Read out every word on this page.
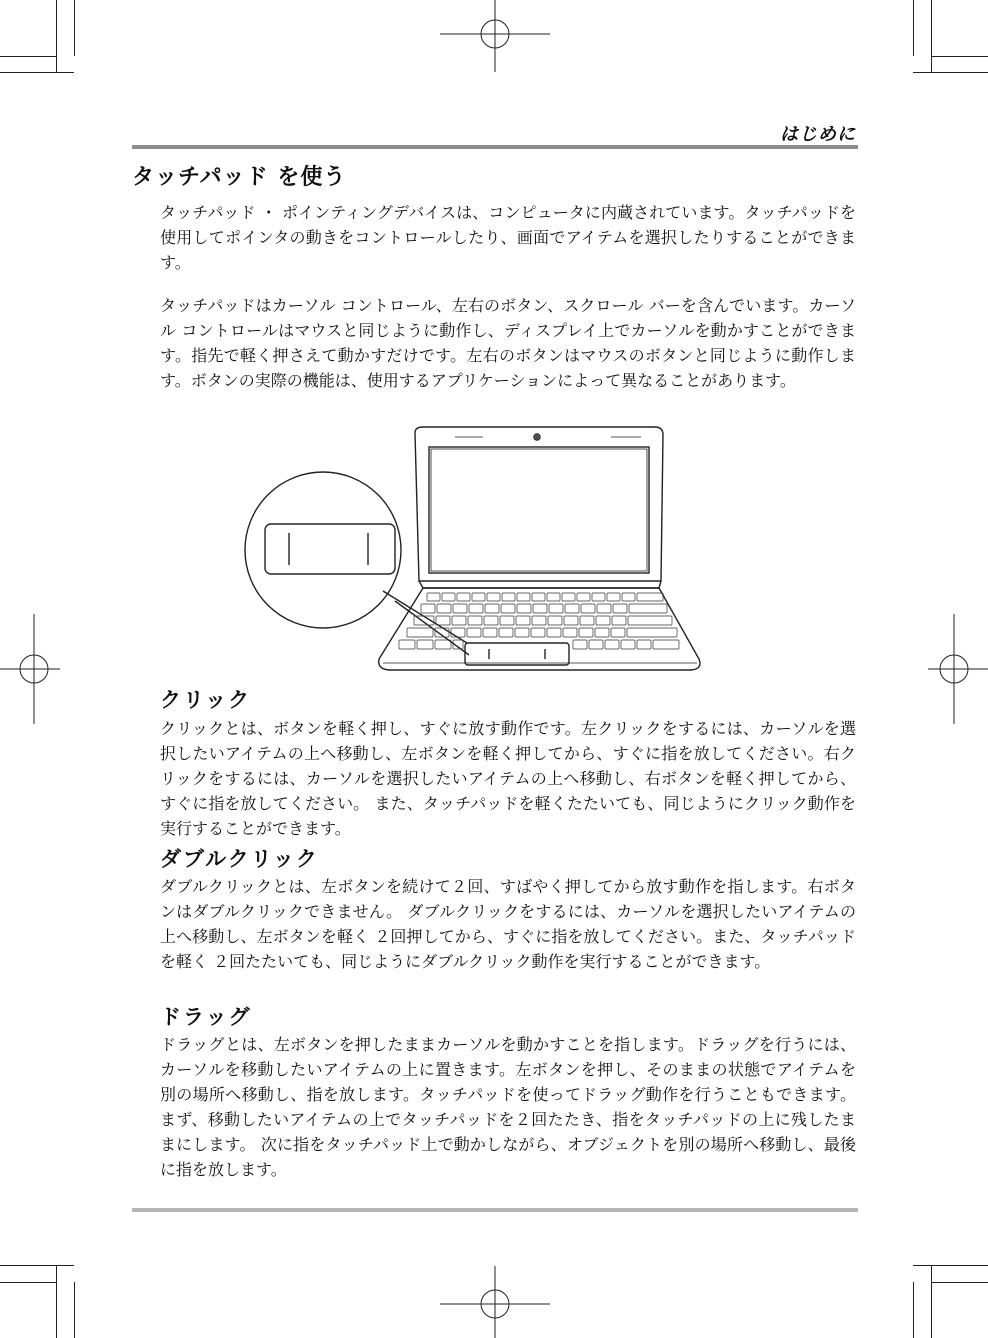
はじめに
タッチパッド を使う

タッチパッド ・ ポインティングデバイスは、コンピュータに内蔵されています。タッチパッドを使用してポインタの動きをコントロールしたり、画面でアイテムを選択したりすることができます。

タッチパッドはカーソル コントロール、左右のボタン、スクロール バーを含んでいます。カーソル コントロールはマウスと同じように動作し、ディスプレイ上でカーソルを動かすことができます。指先で軽く押さえて動かすだけです。左右のボタンはマウスのボタンと同じように動作します。ボタンの実際の機能は、使用するアプリケーションによって異なることがあります。

クリック

クリックとは、ボタンを軽く押し、すぐに放す動作です。左クリックをするには、カーソルを選択したいアイテムの上へ移動し、左ボタンを軽く押してから、すぐに指を放してください。右クリックをするには、カーソルを選択したいアイテムの上へ移動し、右ボタンを軽く押してから、すぐに指を放してください。 また、タッチパッドを軽くたたいても、同じようにクリック動作を実行することができます。

ダブルクリック

ダブルクリックとは、左ボタンを続けて２回、すばやく押してから放す動作を指します。右ボタンはダブルクリックできません。 ダブルクリックをするには、カーソルを選択したいアイテムの上へ移動し、左ボタンを軽く ２回押してから、すぐに指を放してください。また、タッチパッドを軽く ２回たたいても、同じようにダブルクリック動作を実行することができます。

ドラッグ

ドラッグとは、左ボタンを押したままカーソルを動かすことを指します。ドラッグを行うには、カーソルを移動したいアイテムの上に置きます。左ボタンを押し、そのままの状態でアイテムを別の場所へ移動し、指を放します。タッチパッドを使ってドラッグ動作を行うこともできます。まず、移動したいアイテムの上でタッチパッドを２回たたき、指をタッチパッドの上に残したままにします。 次に指をタッチパッド上で動かしながら、オブジェクトを別の場所へ移動し、最後に指を放します。
